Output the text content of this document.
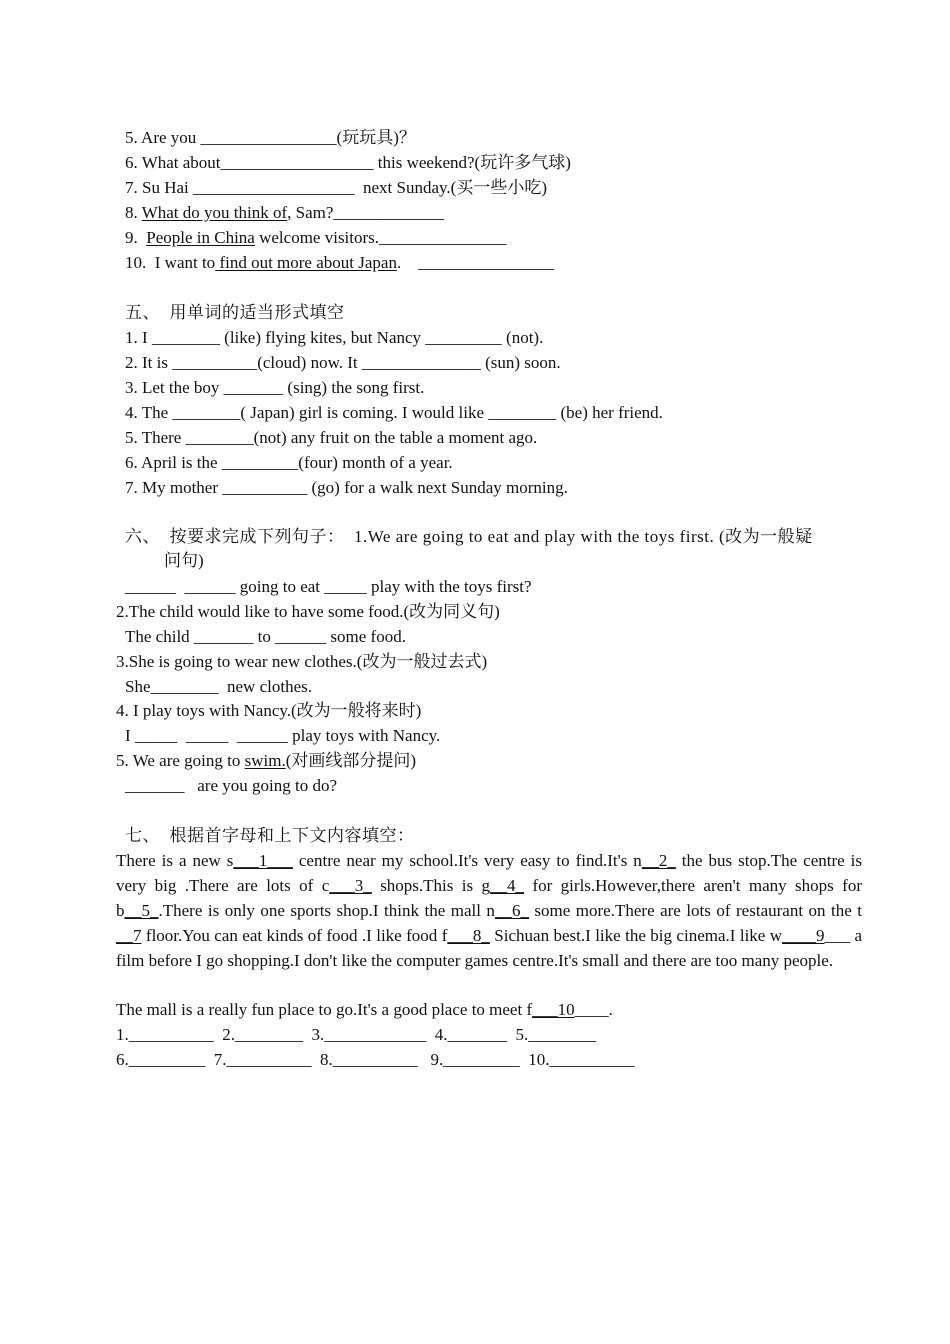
5. Are you ________________(玩玩具)？
6. What about__________________ this weekend?(玩许多气球)
7. Su Hai ___________________  next Sunday.(买一些小吃)
8. What do you think of, Sam?_____________
9.  People in China welcome visitors._______________
10.  I want to find out more about Japan.    ________________
五、  用单词的适当形式填空
1. I ________ (like) flying kites, but Nancy _________ (not).
2. It is __________(cloud) now. It ______________ (sun) soon.
3. Let the boy _______ (sing) the song first.
4. The ________( Japan) girl is coming. I would like ________ (be) her friend.
5. There ________(not) any fruit on the table a moment ago.
6. April is the _________(four) month of a year.
7. My mother __________ (go) for a walk next Sunday morning.
六、  按要求完成下列句子：  1.We are going to eat and play with the toys first. (改为一般疑
问句)
______  ______ going to eat _____ play with the toys first?
2.The child would like to have some food.(改为同义句)
The child _______ to ______ some food.
3.She is going to wear new clothes.(改为一般过去式)
She________  new clothes.
4. I play toys with Nancy.(改为一般将来时)
I _____  _____  ______ play toys with Nancy.
5. We are going to swim.(对画线部分提问)
_______   are you going to do?
七、  根据首字母和上下文内容填空：
There is a new s___1___ centre near my school.It's very easy to find.It's n__2_ the bus stop.The centre is very big .There are lots of c___3_ shops.This is g__4_ for girls.However,there aren't many shops for b__5_.There is only one sports shop.I think the mall n__6_ some more.There are lots of restaurant on the t __7 floor.You can eat kinds of food .I like food f___8_ Sichuan best.I like the big cinema.I like w____9___ a film before I go shopping.I don't like the computer games centre.It's small and there are too many people.
The mall is a really fun place to go.It's a good place to meet f___10____.
1.__________  2.________  3.____________  4._______  5.________
6._________  7.__________  8.__________   9._________  10.__________
